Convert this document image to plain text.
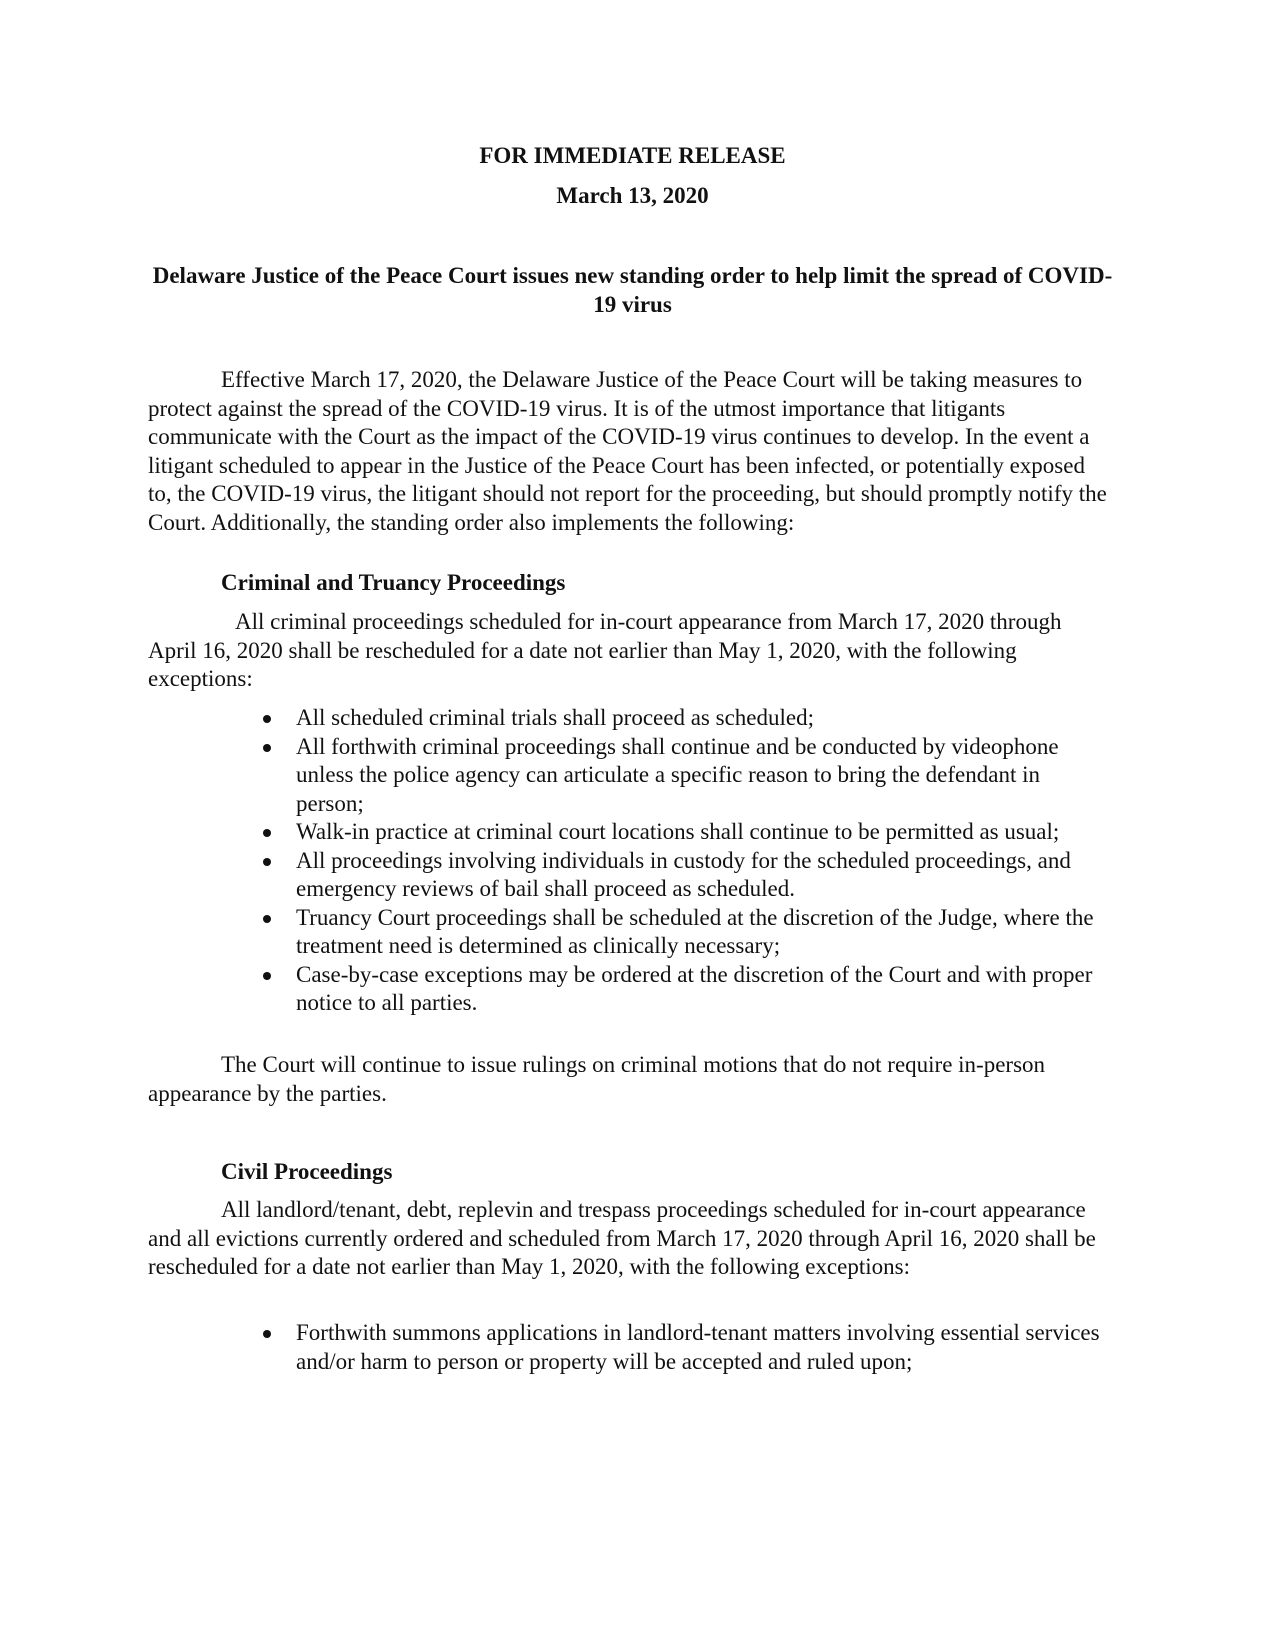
FOR IMMEDIATE RELEASE

March 13, 2020

Delaware Justice of the Peace Court issues new standing order to help limit the spread of COVID-19 virus

Effective March 17, 2020, the Delaware Justice of the Peace Court will be taking measures to protect against the spread of the COVID-19 virus. It is of the utmost importance that litigants communicate with the Court as the impact of the COVID-19 virus continues to develop. In the event a litigant scheduled to appear in the Justice of the Peace Court has been infected, or potentially exposed to, the COVID-19 virus, the litigant should not report for the proceeding, but should promptly notify the Court. Additionally, the standing order also implements the following:

Criminal and Truancy Proceedings

All criminal proceedings scheduled for in-court appearance from March 17, 2020 through April 16, 2020 shall be rescheduled for a date not earlier than May 1, 2020, with the following exceptions:

All scheduled criminal trials shall proceed as scheduled;
All forthwith criminal proceedings shall continue and be conducted by videophone unless the police agency can articulate a specific reason to bring the defendant in person;
Walk-in practice at criminal court locations shall continue to be permitted as usual;
All proceedings involving individuals in custody for the scheduled proceedings, and emergency reviews of bail shall proceed as scheduled.
Truancy Court proceedings shall be scheduled at the discretion of the Judge, where the treatment need is determined as clinically necessary;
Case-by-case exceptions may be ordered at the discretion of the Court and with proper notice to all parties.

The Court will continue to issue rulings on criminal motions that do not require in-person appearance by the parties.

Civil Proceedings

All landlord/tenant, debt, replevin and trespass proceedings scheduled for in-court appearance and all evictions currently ordered and scheduled from March 17, 2020 through April 16, 2020 shall be rescheduled for a date not earlier than May 1, 2020, with the following exceptions:

Forthwith summons applications in landlord-tenant matters involving essential services and/or harm to person or property will be accepted and ruled upon;
